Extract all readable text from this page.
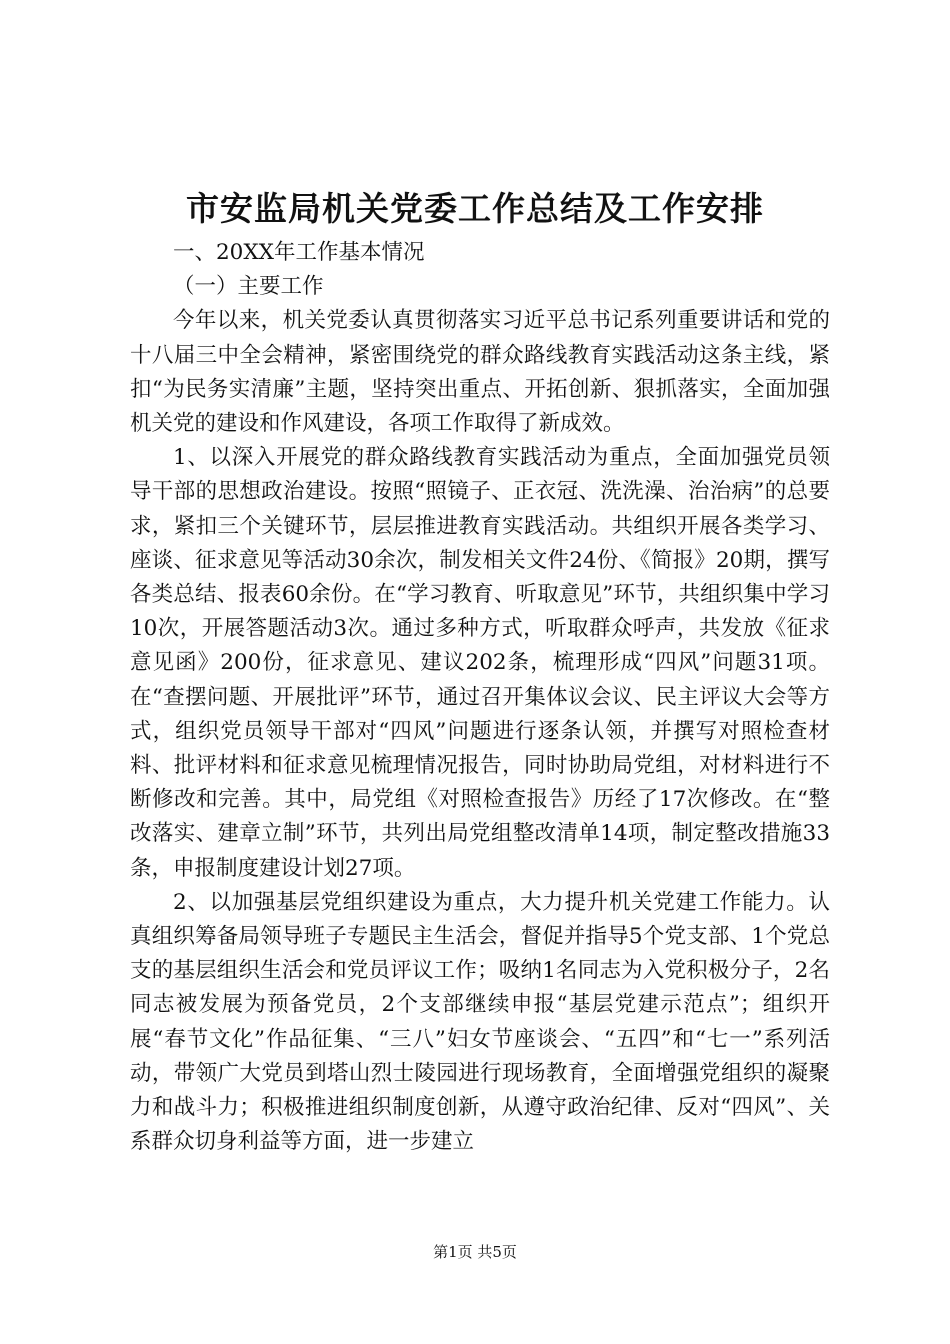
市安监局机关党委工作总结及工作安排

一、20XX年工作基本情况

（一）主要工作

今年以来，机关党委认真贯彻落实习近平总书记系列重要讲话和党的十八届三中全会精神，紧密围绕党的群众路线教育实践活动这条主线，紧扣“为民务实清廉”主题，坚持突出重点、开拓创新、狠抓落实，全面加强机关党的建设和作风建设，各项工作取得了新成效。

1、以深入开展党的群众路线教育实践活动为重点，全面加强党员领导干部的思想政治建设。按照“照镜子、正衣冠、洗洗澡、治治病”的总要求，紧扣三个关键环节，层层推进教育实践活动。共组织开展各类学习、座谈、征求意见等活动30余次，制发相关文件24份、《简报》20期，撰写各类总结、报表60余份。在“学习教育、听取意见”环节，共组织集中学习10次，开展答题活动3次。通过多种方式，听取群众呼声，共发放《征求意见函》200份，征求意见、建议202条，梳理形成“四风”问题31项。在“查摆问题、开展批评”环节，通过召开集体议会议、民主评议大会等方式，组织党员领导干部对“四风”问题进行逐条认领，并撰写对照检查材料、批评材料和征求意见梳理情况报告，同时协助局党组，对材料进行不断修改和完善。其中，局党组《对照检查报告》历经了17次修改。在“整改落实、建章立制”环节，共列出局党组整改清单14项，制定整改措施33条，申报制度建设计划27项。

2、以加强基层党组织建设为重点，大力提升机关党建工作能力。认真组织筹备局领导班子专题民主生活会，督促并指导5个党支部、1个党总支的基层组织生活会和党员评议工作；吸纳1名同志为入党积极分子，2名同志被发展为预备党员，2个支部继续申报“基层党建示范点”；组织开展“春节文化”作品征集、“三八”妇女节座谈会、“五四”和“七一”系列活动，带领广大党员到塔山烈士陵园进行现场教育，全面增强党组织的凝聚力和战斗力；积极推进组织制度创新，从遵守政治纪律、反对“四风”、关系群众切身利益等方面，进一步建立

第1页 共5页
